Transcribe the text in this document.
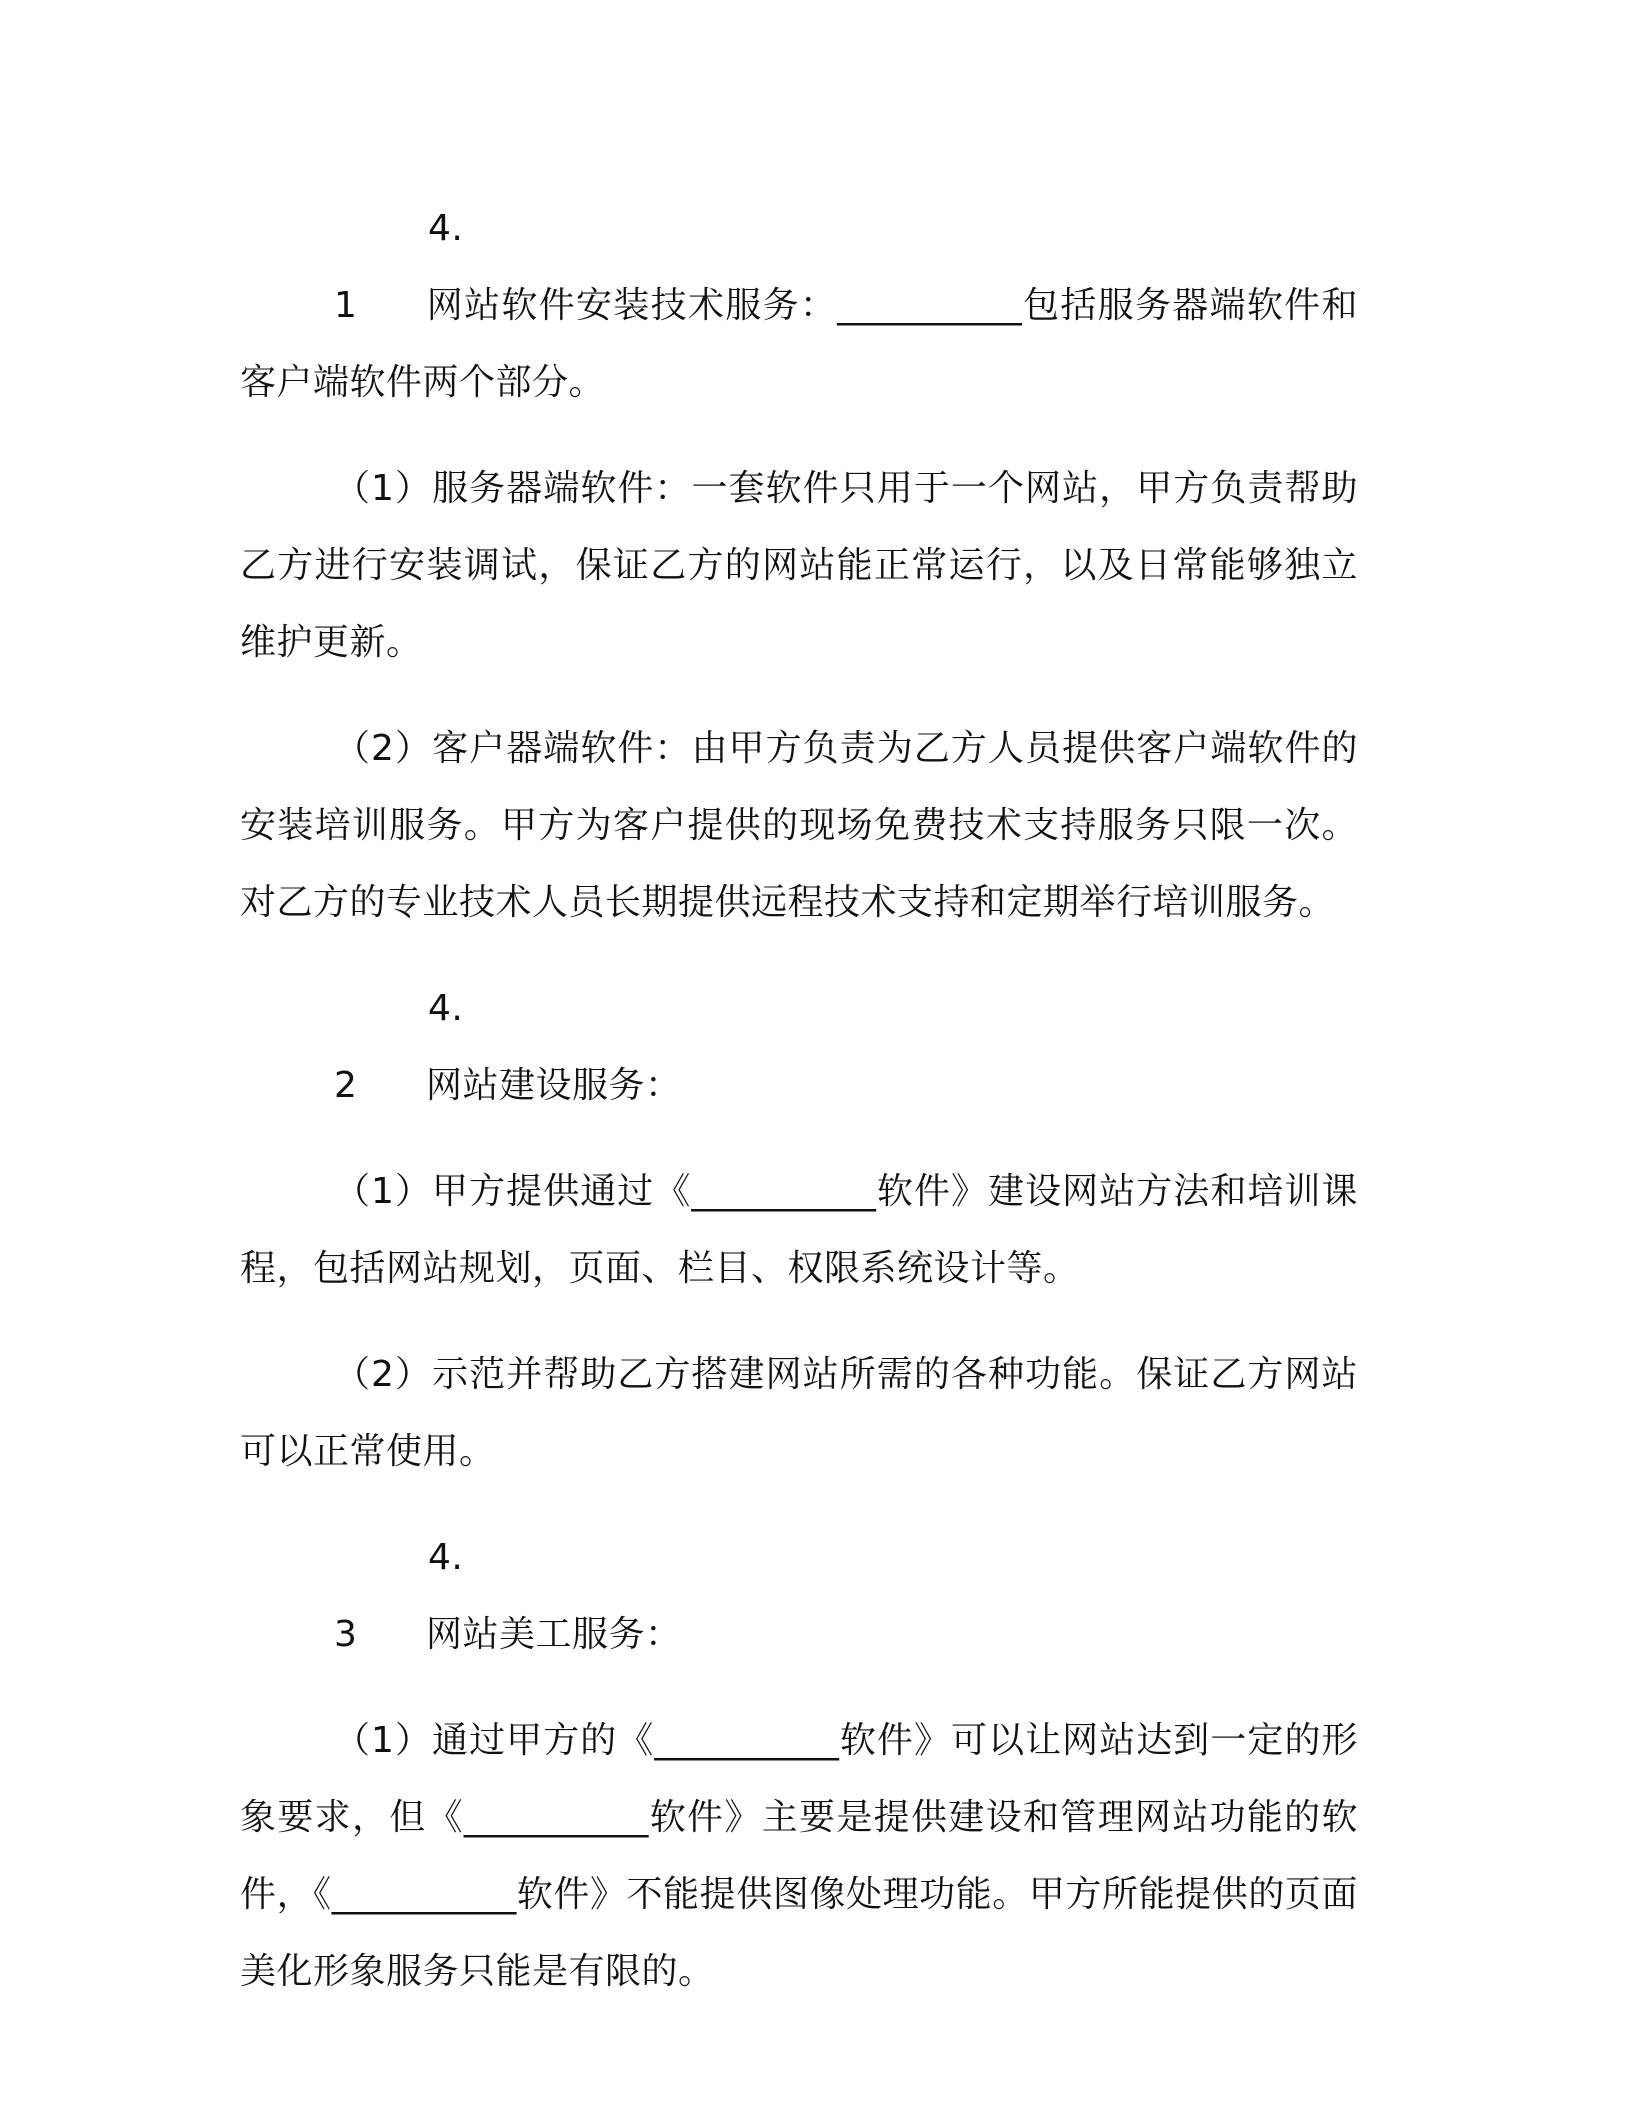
4.1 网站软件安装技术服务：__________包括服务器端软件和客户端软件两个部分。

（1）服务器端软件：一套软件只用于一个网站，甲方负责帮助乙方进行安装调试，保证乙方的网站能正常运行，以及日常能够独立维护更新。

（2）客户器端软件：由甲方负责为乙方人员提供客户端软件的安装培训服务。甲方为客户提供的现场免费技术支持服务只限一次。对乙方的专业技术人员长期提供远程技术支持和定期举行培训服务。

4.2 网站建设服务：

（1）甲方提供通过《__________软件》建设网站方法和培训课程，包括网站规划，页面、栏目、权限系统设计等。

（2）示范并帮助乙方搭建网站所需的各种功能。保证乙方网站可以正常使用。

4.3 网站美工服务：

（1）通过甲方的《__________软件》可以让网站达到一定的形象要求，但《__________软件》主要是提供建设和管理网站功能的软件，《__________软件》不能提供图像处理功能。甲方所能提供的页面美化形象服务只能是有限的。
